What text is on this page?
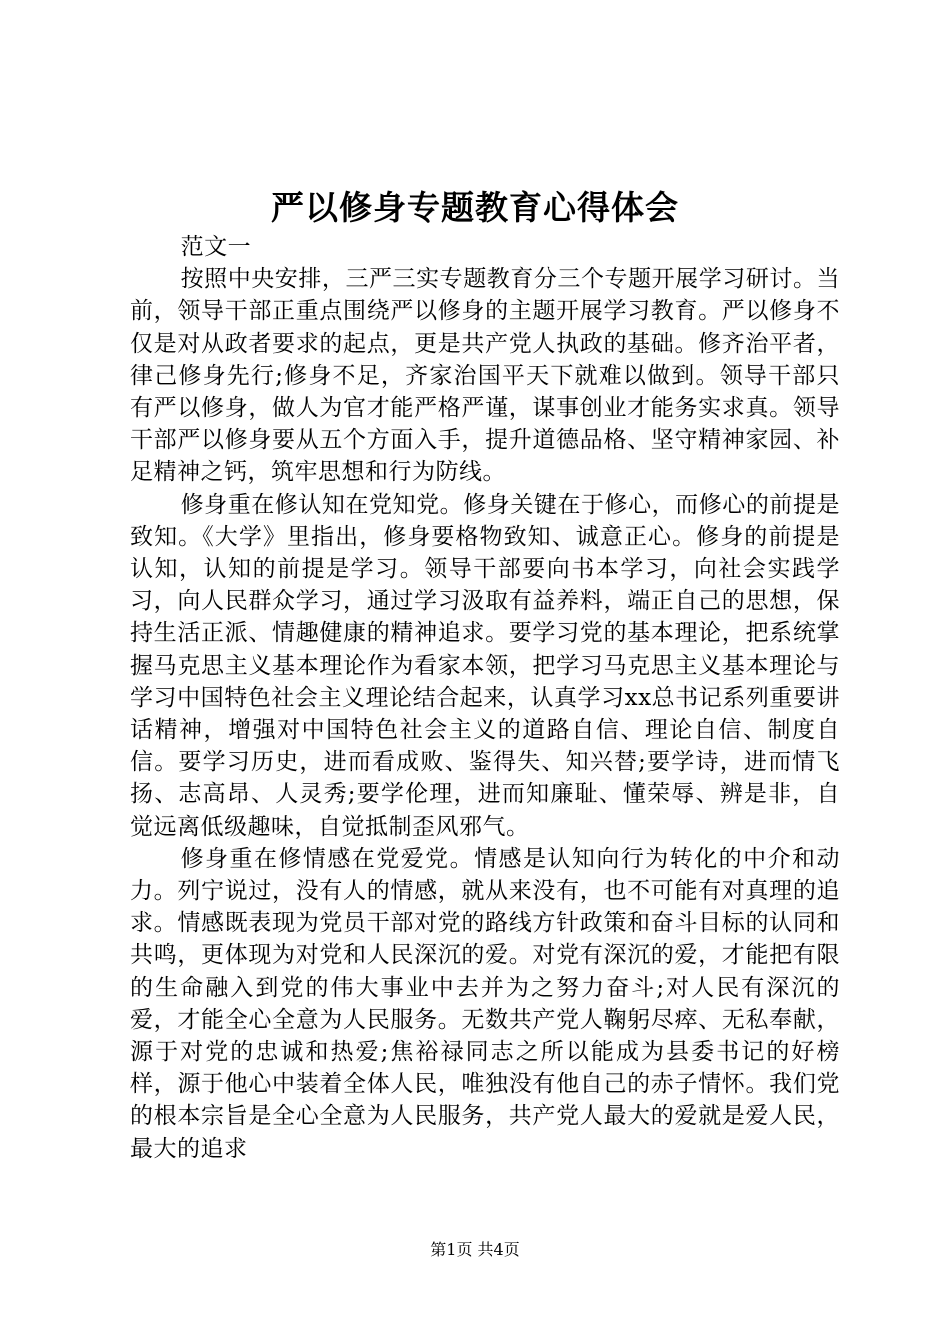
严以修身专题教育心得体会

范文一

按照中央安排，三严三实专题教育分三个专题开展学习研讨。当前，领导干部正重点围绕严以修身的主题开展学习教育。严以修身不仅是对从政者要求的起点，更是共产党人执政的基础。修齐治平者，律己修身先行;修身不足，齐家治国平天下就难以做到。领导干部只有严以修身，做人为官才能严格严谨，谋事创业才能务实求真。领导干部严以修身要从五个方面入手，提升道德品格、坚守精神家园、补足精神之钙，筑牢思想和行为防线。

修身重在修认知在党知党。修身关键在于修心，而修心的前提是致知。《大学》里指出，修身要格物致知、诚意正心。修身的前提是认知，认知的前提是学习。领导干部要向书本学习，向社会实践学习，向人民群众学习，通过学习汲取有益养料，端正自己的思想，保持生活正派、情趣健康的精神追求。要学习党的基本理论，把系统掌握马克思主义基本理论作为看家本领，把学习马克思主义基本理论与学习中国特色社会主义理论结合起来，认真学习xx总书记系列重要讲话精神，增强对中国特色社会主义的道路自信、理论自信、制度自信。要学习历史，进而看成败、鉴得失、知兴替;要学诗，进而情飞扬、志高昂、人灵秀;要学伦理，进而知廉耻、懂荣辱、辨是非，自觉远离低级趣味，自觉抵制歪风邪气。

修身重在修情感在党爱党。情感是认知向行为转化的中介和动力。列宁说过，没有人的情感，就从来没有，也不可能有对真理的追求。情感既表现为党员干部对党的路线方针政策和奋斗目标的认同和共鸣，更体现为对党和人民深沉的爱。对党有深沉的爱，才能把有限的生命融入到党的伟大事业中去并为之努力奋斗;对人民有深沉的爱，才能全心全意为人民服务。无数共产党人鞠躬尽瘁、无私奉献，源于对党的忠诚和热爱;焦裕禄同志之所以能成为县委书记的好榜样，源于他心中装着全体人民，唯独没有他自己的赤子情怀。我们党的根本宗旨是全心全意为人民服务，共产党人最大的爱就是爱人民，最大的追求

第1页 共4页
